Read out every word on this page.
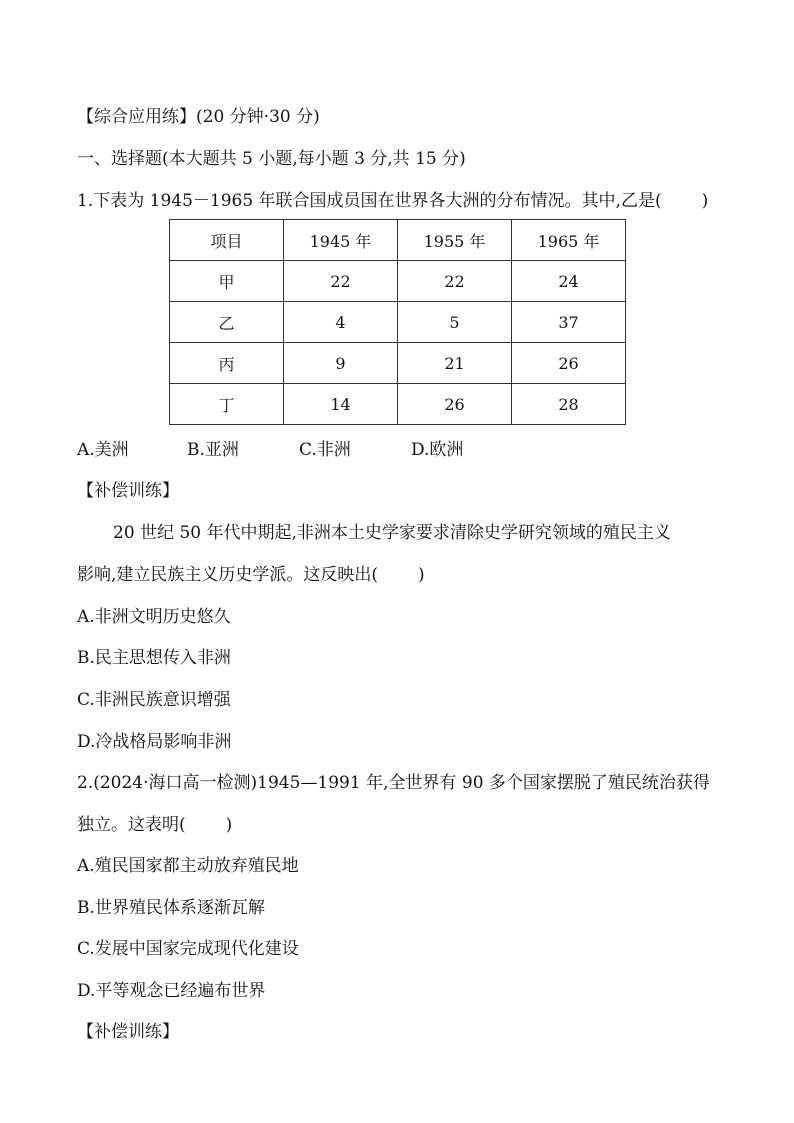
【综合应用练】(20 分钟·30 分)
一、选择题(本大题共 5 小题,每小题 3 分,共 15 分)
1.下表为 1945－1965 年联合国成员国在世界各大洲的分布情况。其中,乙是( )
项目	1945 年	1955 年	1965 年
甲	22	22	24
乙	4	5	37
丙	9	21	26
丁	14	26	28
A.美洲	B.亚洲	C.非洲	D.欧洲
【补偿训练】
20 世纪 50 年代中期起,非洲本土史学家要求清除史学研究领域的殖民主义
影响,建立民族主义历史学派。这反映出( )
A.非洲文明历史悠久
B.民主思想传入非洲
C.非洲民族意识增强
D.冷战格局影响非洲
2.(2024·海口高一检测)1945—1991 年,全世界有 90 多个国家摆脱了殖民统治获得
独立。这表明( )
A.殖民国家都主动放弃殖民地
B.世界殖民体系逐渐瓦解
C.发展中国家完成现代化建设
D.平等观念已经遍布世界
【补偿训练】
